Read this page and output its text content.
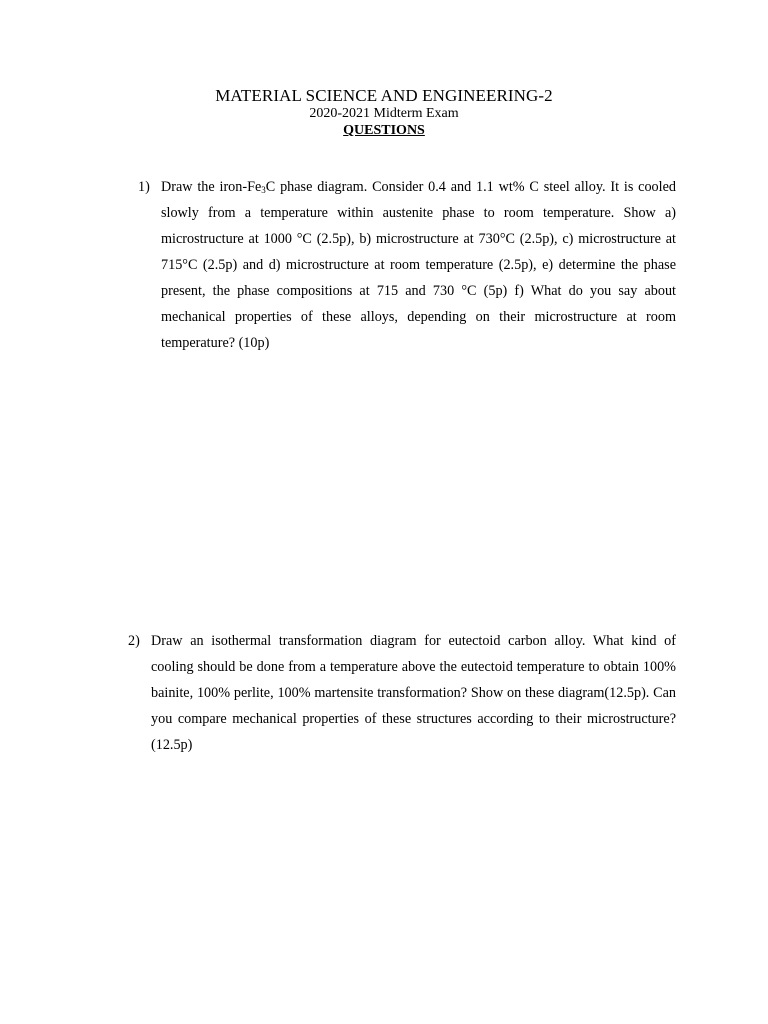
MATERIAL SCIENCE AND ENGINEERING-2
2020-2021 Midterm Exam
QUESTIONS
1) Draw the iron-$Fe_3C$ phase diagram. Consider 0.4 and 1.1 wt% C steel alloy. It is cooled slowly from a temperature within austenite phase to room temperature. Show a) microstructure at 1000 °C (2.5p), b) microstructure at 730°C (2.5p), c) microstructure at 715°C (2.5p) and d) microstructure at room temperature (2.5p), e) determine the phase present, the phase compositions at 715 and 730 °C (5p) f) What do you say about mechanical properties of these alloys, depending on their microstructure at room temperature? (10p)
2) Draw an isothermal transformation diagram for eutectoid carbon alloy. What kind of cooling should be done from a temperature above the eutectoid temperature to obtain 100% bainite, 100% perlite, 100% martensite transformation? Show on these diagram(12.5p). Can you compare mechanical properties of these structures according to their microstructure?(12.5p)
